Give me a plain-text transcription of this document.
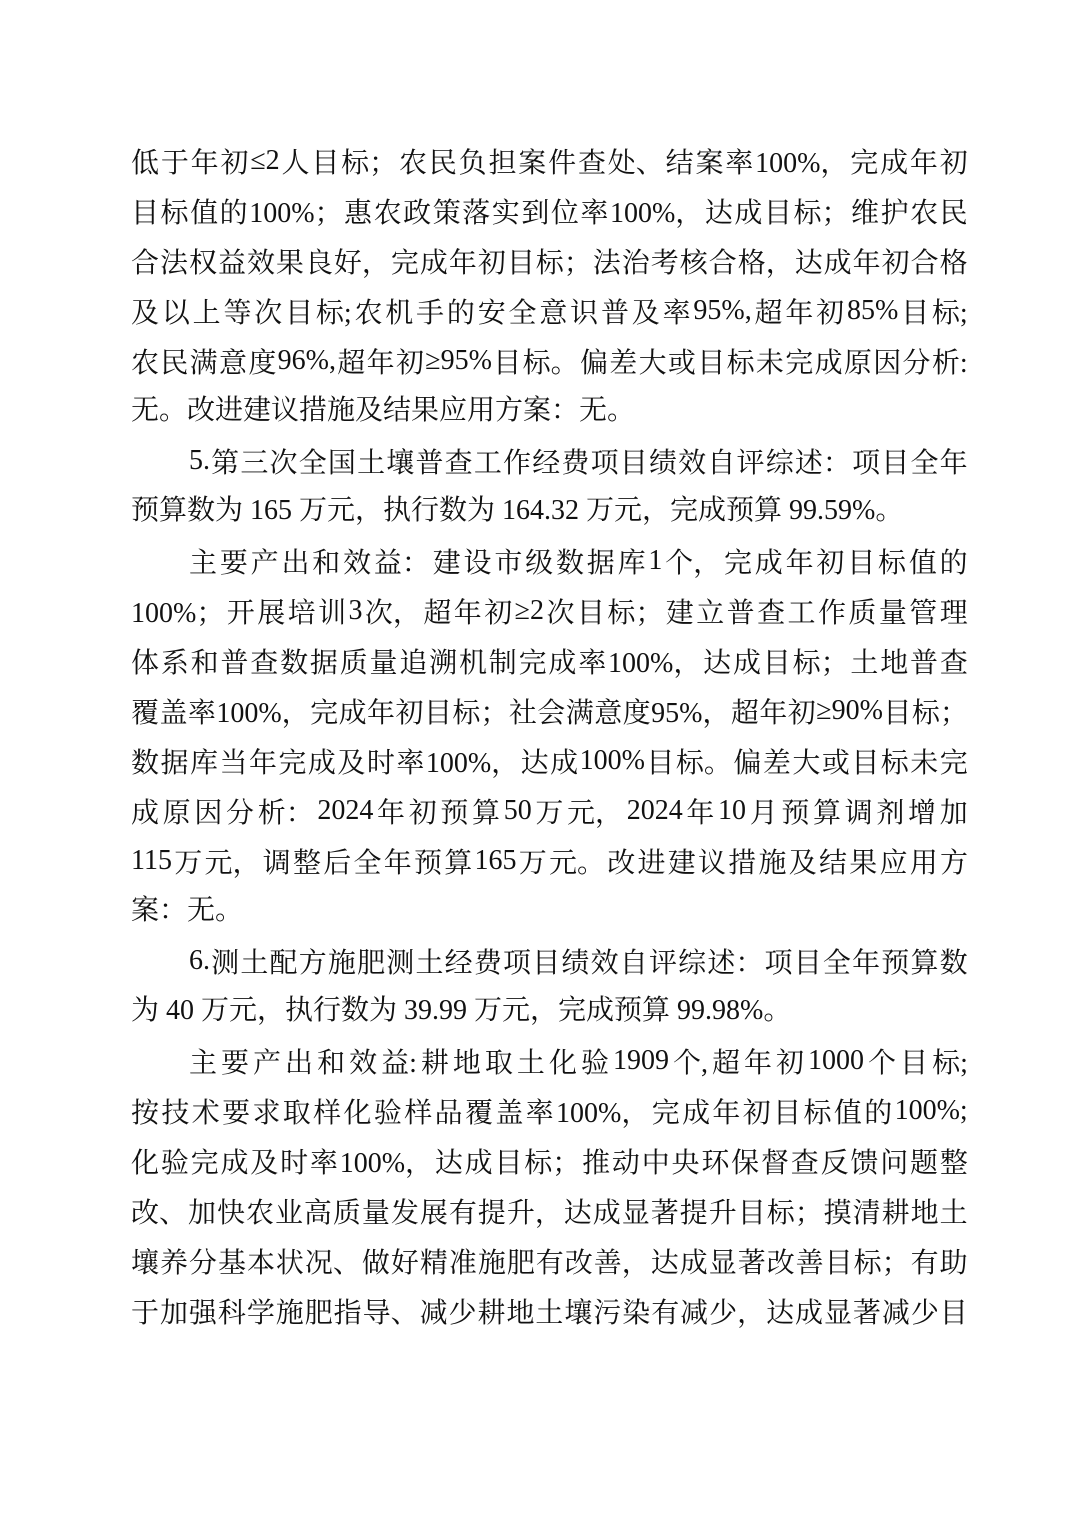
低 于 年 初 ≤2 人 目 标； 农 民 负 担 案 件 查 处、 结 案 率 100%， 完 成 年 初
目 标 值 的 100%； 惠 农 政 策 落 实 到 位 率 100%， 达 成 目 标； 维 护 农 民
合 法 权 益 效 果 良 好， 完 成 年 初 目 标； 法 治 考 核 合 格， 达 成 年 初 合 格
及 以 上 等 次 目 标; 农 机 手 的 安 全 意 识 普 及 率 95%, 超 年 初 85% 目 标;
农 民 满 意 度 96%, 超 年 初 ≥95% 目 标。 偏 差 大 或 目 标 未 完 成 原 因 分 析:
无。改进建议措施及结果应用方案：无。
5. 第 三 次 全 国 土 壤 普 查 工 作 经 费 项 目 绩 效 自 评 综 述： 项 目 全 年
预算数为 165 万元，执行数为 164.32 万元，完成预算 99.59%。
主 要 产 出 和 效 益： 建 设 市 级 数 据 库 1 个， 完 成 年 初 目 标 值 的
100%； 开 展 培 训 3 次， 超 年 初 ≥2 次 目 标； 建 立 普 查 工 作 质 量 管 理
体 系 和 普 查 数 据 质 量 追 溯 机 制 完 成 率 100%， 达 成 目 标； 土 地 普 查
覆 盖 率 100%， 完 成 年 初 目 标； 社 会 满 意 度 95%， 超 年 初 ≥90% 目 标；
数 据 库 当 年 完 成 及 时 率 100%， 达 成 100% 目 标。 偏 差 大 或 目 标 未 完
成 原 因 分 析： 2024 年 初 预 算 50 万 元， 2024 年 10 月 预 算 调 剂 增 加
115 万 元， 调 整 后 全 年 预 算 165 万 元。 改 进 建 议 措 施 及 结 果 应 用 方
案：无。
6. 测 土 配 方 施 肥 测 土 经 费 项 目 绩 效 自 评 综 述： 项 目 全 年 预 算 数
为 40 万元，执行数为 39.99 万元，完成预算 99.98%。
主 要 产 出 和 效 益: 耕 地 取 土 化 验 1909 个, 超 年 初 1000 个 目 标;
按 技 术 要 求 取 样 化 验 样 品 覆 盖 率 100%， 完 成 年 初 目 标 值 的 100%;
化 验 完 成 及 时 率 100%， 达 成 目 标； 推 动 中 央 环 保 督 查 反 馈 问 题 整
改、 加 快 农 业 高 质 量 发 展 有 提 升， 达 成 显 著 提 升 目 标； 摸 清 耕 地 土
壤 养 分 基 本 状 况、 做 好 精 准 施 肥 有 改 善， 达 成 显 著 改 善 目 标； 有 助
于 加 强 科 学 施 肥 指 导、 减 少 耕 地 土 壤 污 染 有 减 少， 达 成 显 著 减 少 目
